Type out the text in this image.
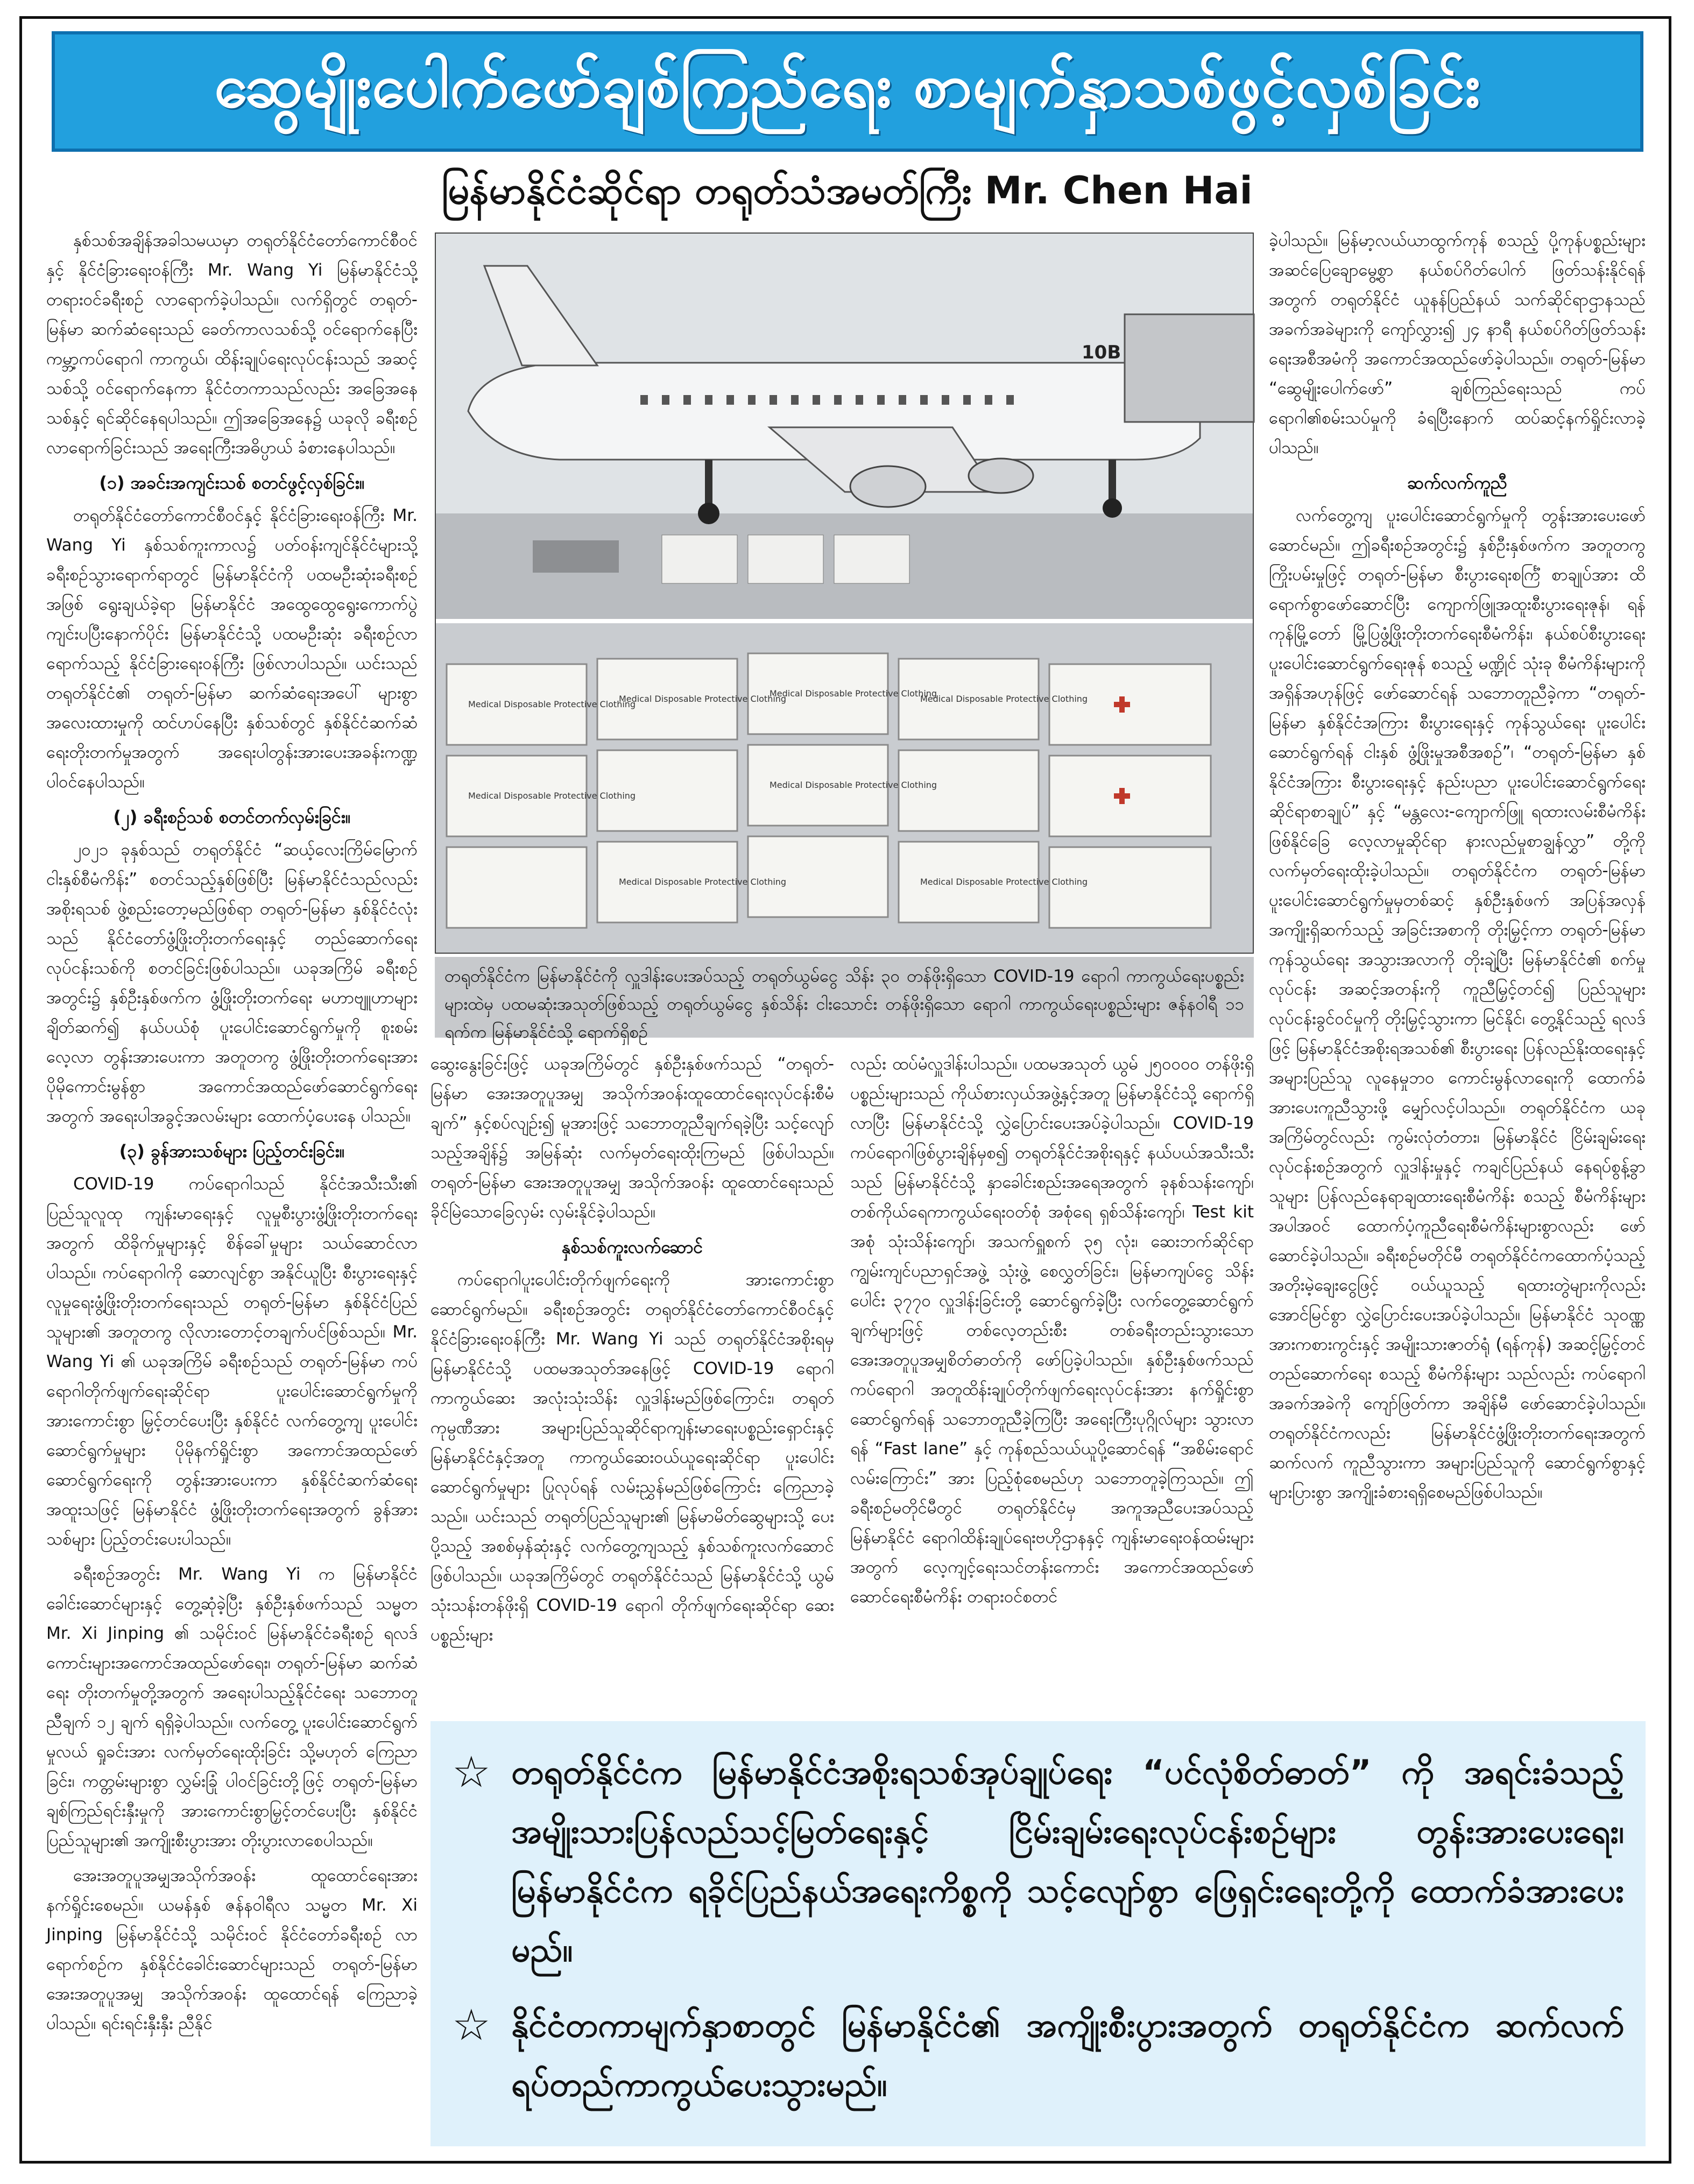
ဆွေမျိုးပေါက်ဖော်ချစ်ကြည်ရေး စာမျက်နှာသစ်ဖွင့်လှစ်ခြင်း
မြန်မာနိုင်ငံဆိုင်ရာ တရုတ်သံအမတ်ကြီး Mr. Chen Hai

နှစ်သစ်အချိန်အခါသမယမှာ တရုတ်နိုင်ငံတော်ကောင်စီဝင်နှင့် နိုင်ငံခြားရေးဝန်ကြီး Mr. Wang Yi မြန်မာနိုင်ငံသို့ တရားဝင်ခရီးစဉ် လာရောက်ခဲ့ပါသည်။ လက်ရှိတွင် တရုတ်-မြန်မာ ဆက်ဆံရေးသည် ခေတ်ကာလသစ်သို့ ဝင်ရောက်နေပြီး ကမ္ဘာ့ကပ်ရောဂါ ကာကွယ်၊ ထိန်းချုပ်ရေးလုပ်ငန်းသည် အဆင့်သစ်သို့ ဝင်ရောက်နေကာ နိုင်ငံတကာသည်လည်း အခြေအနေသစ်နှင့် ရင်ဆိုင်နေရပါသည်။ ဤအခြေအနေ၌ ယခုလို ခရီးစဉ်လာရောက်ခြင်းသည် အရေးကြီးအဓိပ္ပာယ် ခံစားနေပါသည်။

(၁) အခင်းအကျင်းသစ် စတင်ဖွင့်လှစ်ခြင်း။

တရုတ်နိုင်ငံတော်ကောင်စီဝင်နှင့် နိုင်ငံခြားရေးဝန်ကြီး Mr. Wang Yi နှစ်သစ်ကူးကာလ၌ ပတ်ဝန်းကျင်နိုင်ငံများသို့ ခရီးစဉ်သွားရောက်ရာတွင် မြန်မာနိုင်ငံကို ပထမဦးဆုံးခရီးစဉ်အဖြစ် ရွေးချယ်ခဲ့ရာ မြန်မာနိုင်ငံ အထွေထွေရွေးကောက်ပွဲ ကျင်းပပြီးနောက်ပိုင်း မြန်မာနိုင်ငံသို့ ပထမဦးဆုံး ခရီးစဉ်လာရောက်သည့် နိုင်ငံခြားရေးဝန်ကြီး ဖြစ်လာပါသည်။ ယင်းသည် တရုတ်နိုင်ငံ၏ တရုတ်-မြန်မာ ဆက်ဆံရေးအပေါ် များစွာအလေးထားမှုကို ထင်ဟပ်နေပြီး နှစ်သစ်တွင် နှစ်နိုင်ငံဆက်ဆံရေးတိုးတက်မှုအတွက် အရေးပါတွန်းအားပေးအခန်းကဏ္ဍ ပါဝင်နေပါသည်။

(၂) ခရီးစဉ်သစ် စတင်တက်လှမ်းခြင်း။

၂၀၂၁ ခုနှစ်သည် တရုတ်နိုင်ငံ “ဆယ့်လေးကြိမ်မြောက် ငါးနှစ်စီမံကိန်း” စတင်သည့်နှစ်ဖြစ်ပြီး မြန်မာနိုင်ငံသည်လည်း အစိုးရသစ် ဖွဲ့စည်းတော့မည်ဖြစ်ရာ တရုတ်-မြန်မာ နှစ်နိုင်ငံလုံးသည် နိုင်ငံတော်ဖွံ့ဖြိုးတိုးတက်ရေးနှင့် တည်ဆောက်ရေးလုပ်ငန်းသစ်ကို စတင်ခြင်းဖြစ်ပါသည်။ ယခုအကြိမ် ခရီးစဉ်အတွင်း၌ နှစ်ဦးနှစ်ဖက်က ဖွံ့ဖြိုးတိုးတက်ရေး မဟာဗျူဟာများ ချိတ်ဆက်၍ နယ်ပယ်စုံ ပူးပေါင်းဆောင်ရွက်မှုကို စူးစမ်းလေ့လာ တွန်းအားပေးကာ အတူတကွ ဖွံ့ဖြိုးတိုးတက်ရေးအား ပိုမိုကောင်းမွန်စွာ အကောင်အထည်ဖော်ဆောင်ရွက်ရေးအတွက် အရေးပါအခွင့်အလမ်းများ ထောက်ပံ့ပေးနေ ပါသည်။

(၃) ခွန်အားသစ်များ ပြည့်တင်းခြင်း။

COVID-19 ကပ်ရောဂါသည် နိုင်ငံအသီးသီး၏ ပြည်သူလူထု ကျန်းမာရေးနှင့် လူမှုစီးပွားဖွံ့ဖြိုးတိုးတက်ရေးအတွက် ထိခိုက်မှုများနှင့် စိန်ခေါ်မှုများ သယ်ဆောင်လာပါသည်။ ကပ်ရောဂါကို ဆောလျင်စွာ အနိုင်ယူပြီး စီးပွားရေးနှင့် လူမှုရေးဖွံ့ဖြိုးတိုးတက်ရေးသည် တရုတ်-မြန်မာ နှစ်နိုင်ငံပြည်သူများ၏ အတူတကွ လိုလားတောင့်တချက်ပင်ဖြစ်သည်။ Mr. Wang Yi ၏ ယခုအကြိမ် ခရီးစဉ်သည် တရုတ်-မြန်မာ ကပ်ရောဂါတိုက်ဖျက်ရေးဆိုင်ရာ ပူးပေါင်းဆောင်ရွက်မှုကို အားကောင်းစွာ မြှင့်တင်ပေးပြီး နှစ်နိုင်ငံ လက်တွေ့ကျ ပူးပေါင်းဆောင်ရွက်မှုများ ပိုမိုနက်ရှိုင်းစွာ အကောင်အထည်ဖော်ဆောင်ရွက်ရေးကို တွန်းအားပေးကာ နှစ်နိုင်ငံဆက်ဆံရေး အထူးသဖြင့် မြန်မာနိုင်ငံ ဖွံ့ဖြိုးတိုးတက်ရေးအတွက် ခွန်အားသစ်များ ပြည့်တင်းပေးပါသည်။

ခရီးစဉ်အတွင်း Mr. Wang Yi က မြန်မာနိုင်ငံ ခေါင်းဆောင်များနှင့် တွေ့ဆုံခဲ့ပြီး နှစ်ဦးနှစ်ဖက်သည် သမ္မတ Mr. Xi Jinping ၏ သမိုင်းဝင် မြန်မာနိုင်ငံခရီးစဉ် ရလဒ်ကောင်းများအကောင်အထည်ဖော်ရေး၊ တရုတ်-မြန်မာ ဆက်ဆံရေး တိုးတက်မှုတို့အတွက် အရေးပါသည့်နိုင်ငံရေး သဘောတူညီချက် ၁၂ ချက် ရရှိခဲ့ပါသည်။ လက်တွေ့ ပူးပေါင်းဆောင်ရွက်မှုလယ် ရှုခင်းအား လက်မှတ်ရေးထိုးခြင်း သို့မဟုတ် ကြေညာခြင်း၊ ကတ္တမ်းများစွာ လွှမ်းခြုံ ပါဝင်ခြင်းတို့ဖြင့် တရုတ်-မြန်မာ ချစ်ကြည်ရင်းနှီးမှုကို အားကောင်းစွာမြှင့်တင်ပေးပြီး နှစ်နိုင်ငံပြည်သူများ၏ အကျိုးစီးပွားအား တိုးပွားလာစေပါသည်။

အေးအတူပူအမျှအသိုက်အဝန်း ထူထောင်ရေးအား နက်ရှိုင်းစေမည်။ ယမန်နှစ် ဇန်နဝါရီလ သမ္မတ Mr. Xi Jinping မြန်မာနိုင်ငံသို့ သမိုင်းဝင် နိုင်ငံတော်ခရီးစဉ် လာရောက်စဉ်က နှစ်နိုင်ငံခေါင်းဆောင်များသည် တရုတ်-မြန်မာ အေးအတူပူအမျှ အသိုက်အဝန်း ထူထောင်ရန် ကြေညာခဲ့ပါသည်။ ရင်းရင်းနှီးနှီး ညီနိုင်

10B
Medical Disposable Protective Clothing
Medical Disposable Protective Clothing
Medical Disposable Protective Clothing
Medical Disposable Protective Clothing
Medical Disposable Protective Clothing
Medical Disposable Protective Clothing
Medical Disposable Protective Clothing	Medical Disposable Protective Clothing
တရုတ်နိုင်ငံက မြန်မာနိုင်ငံကို လှူဒါန်းပေးအပ်သည့် တရုတ်ယွမ်ငွေ သိန်း ၃၀ တန်ဖိုးရှိသော COVID-19 ရောဂါ ကာကွယ်ရေးပစ္စည်းများထဲမှ ပထမဆုံးအသုတ်ဖြစ်သည့် တရုတ်ယွမ်ငွေ နှစ်သိန်း ငါးသောင်း တန်ဖိုးရှိသော ရောဂါ ကာကွယ်ရေးပစ္စည်းများ ဇန်နဝါရီ ၁၁ ရက်က မြန်မာနိုင်ငံသို့ ရောက်ရှိစဉ်

ဆွေးနွေးခြင်းဖြင့် ယခုအကြိမ်တွင် နှစ်ဦးနှစ်ဖက်သည် “တရုတ်-မြန်မာ အေးအတူပူအမျှ အသိုက်အဝန်းထူထောင်ရေးလုပ်ငန်းစီမံချက်” နှင့်စပ်လျဉ်း၍ မူအားဖြင့် သဘောတူညီချက်ရခဲ့ပြီး သင့်လျော်သည့်အချိန်၌ အမြန်ဆုံး လက်မှတ်ရေးထိုးကြမည် ဖြစ်ပါသည်။ တရုတ်-မြန်မာ အေးအတူပူအမျှ အသိုက်အဝန်း ထူထောင်ရေးသည် ခိုင်မြဲသောခြေလှမ်း လှမ်းနိုင်ခဲ့ပါသည်။

နှစ်သစ်ကူးလက်ဆောင်

ကပ်ရောဂါပူးပေါင်းတိုက်ဖျက်ရေးကို အားကောင်းစွာ ဆောင်ရွက်မည်။ ခရီးစဉ်အတွင်း တရုတ်နိုင်ငံတော်ကောင်စီဝင်နှင့် နိုင်ငံခြားရေးဝန်ကြီး Mr. Wang Yi သည် တရုတ်နိုင်ငံအစိုးရမှ မြန်မာနိုင်ငံသို့ ပထမအသုတ်အနေဖြင့် COVID-19 ရောဂါကာကွယ်ဆေး အလုံးသုံးသိန်း လှူဒါန်းမည်ဖြစ်ကြောင်း၊ တရုတ်ကုမ္ပဏီအား အများပြည်သူဆိုင်ရာကျန်းမာရေးပစ္စည်းရှောင်းနှင့် မြန်မာနိုင်ငံနှင့်အတူ ကာကွယ်ဆေးဝယ်ယူရေးဆိုင်ရာ ပူးပေါင်းဆောင်ရွက်မှုများ ပြုလုပ်ရန် လမ်းညွှန်မည်ဖြစ်ကြောင်း ကြေညာခဲ့သည်။ ယင်းသည် တရုတ်ပြည်သူများ၏ မြန်မာမိတ်ဆွေများသို့ ပေးပို့သည့် အစစ်မှန်ဆုံးနှင့် လက်တွေ့ကျသည့် နှစ်သစ်ကူးလက်ဆောင် ဖြစ်ပါသည်။ ယခုအကြိမ်တွင် တရုတ်နိုင်ငံသည် မြန်မာနိုင်ငံသို့ ယွမ် သုံးသန်းတန်ဖိုးရှိ COVID-19 ရောဂါ တိုက်ဖျက်ရေးဆိုင်ရာ ဆေးပစ္စည်းများ

လည်း ထပ်မံလှူဒါန်းပါသည်။ ပထမအသုတ် ယွမ် ၂၅၀၀၀၀ တန်ဖိုးရှိ ပစ္စည်းများသည် ကိုယ်စားလှယ်အဖွဲ့နှင့်အတူ မြန်မာနိုင်ငံသို့ ရောက်ရှိလာပြီး မြန်မာနိုင်ငံသို့ လွှဲပြောင်းပေးအပ်ခဲ့ပါသည်။ COVID-19 ကပ်ရောဂါဖြစ်ပွားချိန်မှစ၍ တရုတ်နိုင်ငံအစိုးရနှင့် နယ်ပယ်အသီးသီးသည် မြန်မာနိုင်ငံသို့ နှာခေါင်းစည်းအရေအတွက် ခုနစ်သန်းကျော်၊ တစ်ကိုယ်ရေကာကွယ်ရေးဝတ်စုံ အစုံရေ ရှစ်သိန်းကျော်၊ Test kit အစုံ သုံးသိန်းကျော်၊ အသက်ရှူစက် ၃၅ လုံး၊ ဆေးဘက်ဆိုင်ရာ ကျွမ်းကျင်ပညာရှင်အဖွဲ့ သုံးဖွဲ့ စေလွှတ်ခြင်း၊ မြန်မာကျပ်ငွေ သိန်းပေါင်း ၃၇၇၀ လှူဒါန်းခြင်းတို့ ဆောင်ရွက်ခဲ့ပြီး လက်တွေ့ဆောင်ရွက်ချက်များဖြင့် တစ်လေ့တည်းစီး တစ်ခရီးတည်းသွားသော အေးအတူပူအမျှစိတ်ဓာတ်ကို ဖော်ပြခဲ့ပါသည်။ နှစ်ဦးနှစ်ဖက်သည် ကပ်ရောဂါ အတူထိန်းချုပ်တိုက်ဖျက်ရေးလုပ်ငန်းအား နက်ရှိုင်းစွာ ဆောင်ရွက်ရန် သဘောတူညီခဲ့ကြပြီး အရေးကြီးပုဂ္ဂိုလ်များ သွားလာရန် “Fast lane” နှင့် ကုန်စည်သယ်ယူပို့ဆောင်ရန် “အစိမ်းရောင်လမ်းကြောင်း” အား ပြည့်စုံစေမည်ဟု သဘောတူခဲ့ကြသည်။ ဤခရီးစဉ်မတိုင်မီတွင် တရုတ်နိုင်ငံမှ အကူအညီပေးအပ်သည့် မြန်မာနိုင်ငံ ရောဂါထိန်းချုပ်ရေးဗဟိုဌာနနှင့် ကျန်းမာရေးဝန်ထမ်းများအတွက် လေ့ကျင့်ရေးသင်တန်းကောင်း အကောင်အထည်ဖော်ဆောင်ရေးစီမံကိန်း တရားဝင်စတင်

ခဲ့ပါသည်။ မြန်မာ့လယ်ယာထွက်ကုန် စသည့် ပို့ကုန်ပစ္စည်းများ အဆင်ပြေချောမွေ့စွာ နယ်စပ်ဂိတ်ပေါက် ဖြတ်သန်းနိုင်ရန်အတွက် တရုတ်နိုင်ငံ ယူနန်ပြည်နယ် သက်ဆိုင်ရာဌာနသည် အခက်အခဲများကို ကျော်လွှား၍ ၂၄ နာရီ နယ်စပ်ဂိတ်ဖြတ်သန်းရေးအစီအမံကို အကောင်အထည်ဖော်ခဲ့ပါသည်။ တရုတ်-မြန်မာ “ဆွေမျိုးပေါက်ဖော်” ချစ်ကြည်ရေးသည် ကပ်ရောဂါ၏စမ်းသပ်မှုကို ခံရပြီးနောက် ထပ်ဆင့်နက်ရှိုင်းလာခဲ့ပါသည်။

ဆက်လက်ကူညီ

လက်တွေ့ကျ ပူးပေါင်းဆောင်ရွက်မှုကို တွန်းအားပေးဖော်ဆောင်မည်။ ဤခရီးစဉ်အတွင်း၌ နှစ်ဦးနှစ်ဖက်က အတူတကွကြိုးပမ်းမှုဖြင့် တရုတ်-မြန်မာ စီးပွားရေးစင်္ကြံ စာချုပ်အား ထိရောက်စွာဖော်ဆောင်ပြီး ကျောက်ဖြူအထူးစီးပွားရေးဇုန်၊ ရန်ကုန်မြို့တော် မြို့ပြဖွံ့ဖြိုးတိုးတက်ရေးစီမံကိန်း၊ နယ်စပ်စီးပွားရေး ပူးပေါင်းဆောင်ရွက်ရေးဇုန် စသည့် မဏ္ဍိုင် သုံးခု စီမံကိန်းများကို အရှိန်အဟုန်ဖြင့် ဖော်ဆောင်ရန် သဘောတူညီခဲ့ကာ “တရုတ်-မြန်မာ နှစ်နိုင်ငံအကြား စီးပွားရေးနှင့် ကုန်သွယ်ရေး ပူးပေါင်းဆောင်ရွက်ရန် ငါးနှစ် ဖွံ့ဖြိုးမှုအစီအစဉ်”၊ “တရုတ်-မြန်မာ နှစ်နိုင်ငံအကြား စီးပွားရေးနှင့် နည်းပညာ ပူးပေါင်းဆောင်ရွက်ရေးဆိုင်ရာစာချုပ်” နှင့် “မန္တလေး-ကျောက်ဖြူ ရထားလမ်းစီမံကိန်း ဖြစ်နိုင်ခြေ လေ့လာမှုဆိုင်ရာ နားလည်မှုစာချွန်လွှာ” တို့ကို လက်မှတ်ရေးထိုးခဲ့ပါသည်။ တရုတ်နိုင်ငံက တရုတ်-မြန်မာ ပူးပေါင်းဆောင်ရွက်မှုမှတစ်ဆင့် နှစ်ဦးနှစ်ဖက် အပြန်အလှန်အကျိုးရှိဆက်သည့် အခြင်းအစာကို တိုးမြှင့်ကာ တရုတ်-မြန်မာ ကုန်သွယ်ရေး အသွားအလာကို တိုးချဲ့ပြီး မြန်မာနိုင်ငံ၏ စက်မှုလုပ်ငန်း အဆင့်အတန်းကို ကူညီမြှင့်တင်၍ ပြည်သူများ လုပ်ငန်းခွင်ဝင်မှုကို တိုးမြှင့်သွားကာ မြင်နိုင်၊ တွေ့နိုင်သည့် ရလဒ်ဖြင့် မြန်မာနိုင်ငံအစိုးရအသစ်၏ စီးပွားရေး ပြန်လည်နိုးထရေးနှင့် အများပြည်သူ လူနေမှုဘဝ ကောင်းမွန်လာရေးကို ထောက်ခံအားပေးကူညီသွားဖို့ မျှော်လင့်ပါသည်။ တရုတ်နိုင်ငံက ယခုအကြိမ်တွင်လည်း ကွမ်းလုံတံတား၊ မြန်မာနိုင်ငံ ငြိမ်းချမ်းရေးလုပ်ငန်းစဉ်အတွက် လှူဒါန်းမှုနှင့် ကချင်ပြည်နယ် နေရပ်စွန့်ခွာသူများ ပြန်လည်နေရာချထားရေးစီမံကိန်း စသည့် စီမံကိန်းများအပါအဝင် ထောက်ပံ့ကူညီရေးစီမံကိန်းများစွာလည်း ဖော်ဆောင်ခဲ့ပါသည်။ ခရီးစဉ်မတိုင်မီ တရုတ်နိုင်ငံကထောက်ပံ့သည့် အတိုးမဲ့ချေးငွေဖြင့် ဝယ်ယူသည့် ရထားတွဲများကိုလည်း အောင်မြင်စွာ လွှဲပြောင်းပေးအပ်ခဲ့ပါသည်။ မြန်မာနိုင်ငံ သုဝဏ္ဏ အားကစားကွင်းနှင့် အမျိုးသားဇာတ်ရုံ (ရန်ကုန်) အဆင့်မြှင့်တင်တည်ဆောက်ရေး စသည့် စီမံကိန်းများ သည်လည်း ကပ်ရောဂါအခက်အခဲကို ကျော်ဖြတ်ကာ အချိန်မီ ဖော်ဆောင်ခဲ့ပါသည်။ တရုတ်နိုင်ငံကလည်း မြန်မာနိုင်ငံဖွံ့ဖြိုးတိုးတက်ရေးအတွက် ဆက်လက် ကူညီသွားကာ အများပြည်သူကို ဆောင်ရွက်စွာနှင့် များပြားစွာ အကျိုးခံစားရရှိစေမည်ဖြစ်ပါသည်။

☆ တရုတ်နိုင်ငံက မြန်မာနိုင်ငံအစိုးရသစ်အုပ်ချုပ်ရေး “ပင်လုံစိတ်ဓာတ်” ကို အရင်းခံသည့် အမျိုးသားပြန်လည်သင့်မြတ်ရေးနှင့် ငြိမ်းချမ်းရေးလုပ်ငန်းစဉ်များ တွန်းအားပေးရေး၊ မြန်မာနိုင်ငံက ရခိုင်ပြည်နယ်အရေးကိစ္စကို သင့်လျော်စွာ ဖြေရှင်းရေးတို့ကို ထောက်ခံအားပေးမည်။
☆ နိုင်ငံတကာမျက်နှာစာတွင် မြန်မာနိုင်ငံ၏ အကျိုးစီးပွားအတွက် တရုတ်နိုင်ငံက ဆက်လက်ရပ်တည်ကာကွယ်ပေးသွားမည်။
